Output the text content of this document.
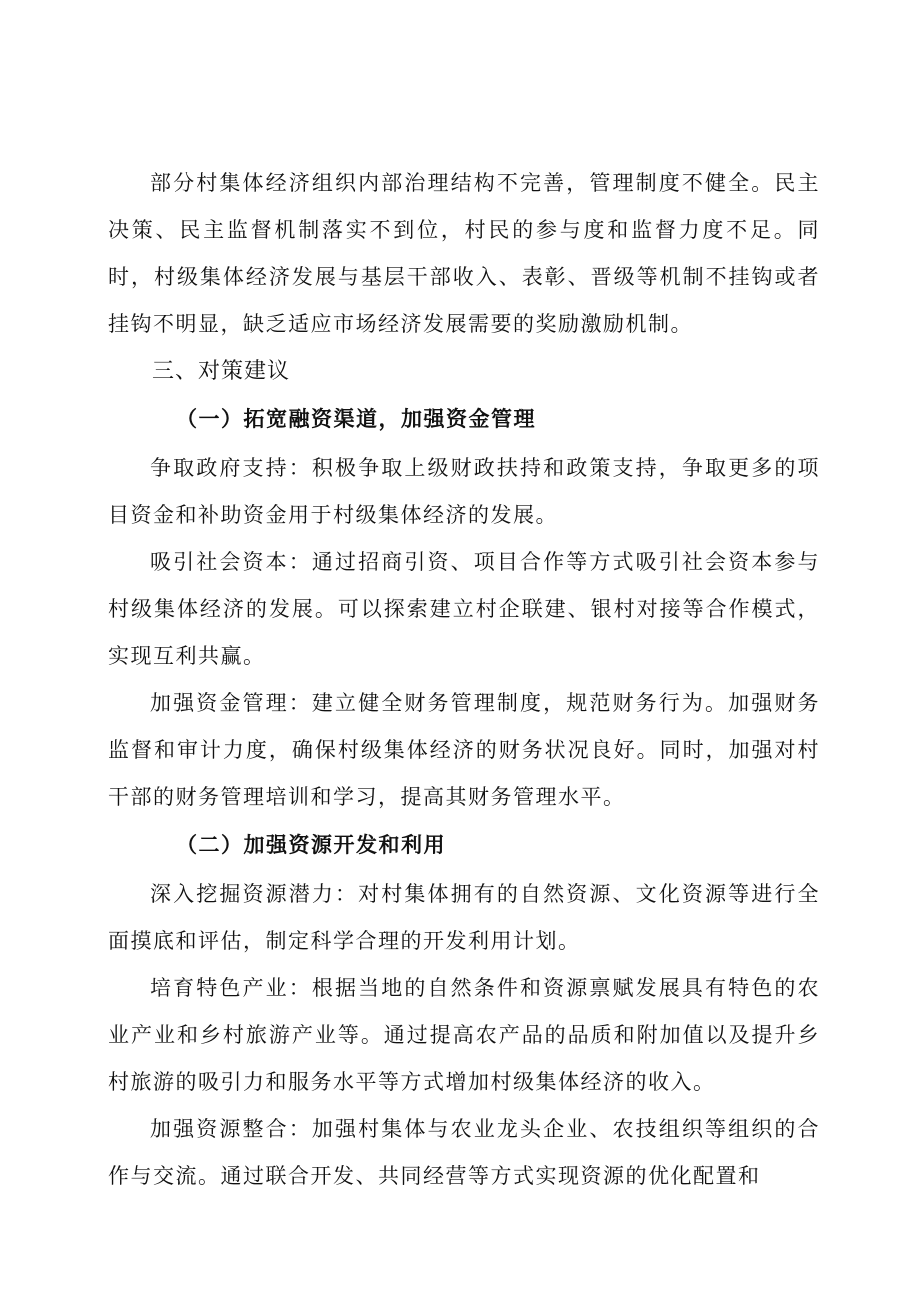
部分村集体经济组织内部治理结构不完善，管理制度不健全。民主决策、民主监督机制落实不到位，村民的参与度和监督力度不足。同时，村级集体经济发展与基层干部收入、表彰、晋级等机制不挂钩或者挂钩不明显，缺乏适应市场经济发展需要的奖励激励机制。

三、对策建议

（一）拓宽融资渠道，加强资金管理

争取政府支持：积极争取上级财政扶持和政策支持，争取更多的项目资金和补助资金用于村级集体经济的发展。

吸引社会资本：通过招商引资、项目合作等方式吸引社会资本参与村级集体经济的发展。可以探索建立村企联建、银村对接等合作模式，实现互利共赢。

加强资金管理：建立健全财务管理制度，规范财务行为。加强财务监督和审计力度，确保村级集体经济的财务状况良好。同时，加强对村干部的财务管理培训和学习，提高其财务管理水平。

（二）加强资源开发和利用

深入挖掘资源潜力：对村集体拥有的自然资源、文化资源等进行全面摸底和评估，制定科学合理的开发利用计划。

培育特色产业：根据当地的自然条件和资源禀赋发展具有特色的农业产业和乡村旅游产业等。通过提高农产品的品质和附加值以及提升乡村旅游的吸引力和服务水平等方式增加村级集体经济的收入。

加强资源整合：加强村集体与农业龙头企业、农技组织等组织的合作与交流。通过联合开发、共同经营等方式实现资源的优化配置和
